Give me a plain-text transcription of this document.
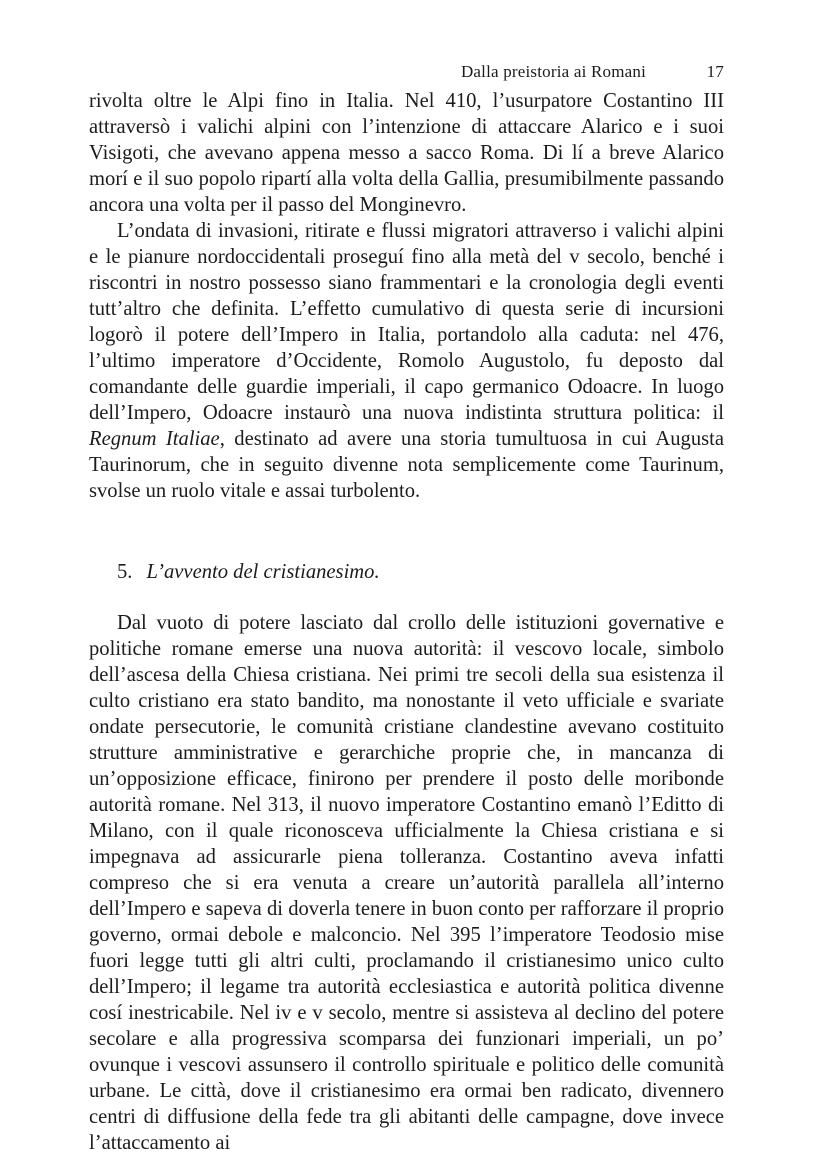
Dalla preistoria ai Romani	17

rivolta oltre le Alpi fino in Italia. Nel 410, l’usurpatore Costantino III attraversò i valichi alpini con l’intenzione di attaccare Alarico e i suoi Visigoti, che avevano appena messo a sacco Roma. Di lí a breve Alarico morí e il suo popolo ripartí alla volta della Gallia, presumibilmente passando ancora una volta per il passo del Monginevro.

L’ondata di invasioni, ritirate e flussi migratori attraverso i valichi alpini e le pianure nordoccidentali proseguí fino alla metà del v secolo, benché i riscontri in nostro possesso siano frammentari e la cronologia degli eventi tutt’altro che definita. L’effetto cumulativo di questa serie di incursioni logorò il potere dell’Impero in Italia, portandolo alla caduta: nel 476, l’ultimo imperatore d’Occidente, Romolo Augustolo, fu deposto dal comandante delle guardie imperiali, il capo germanico Odoacre. In luogo dell’Impero, Odoacre instaurò una nuova indistinta struttura politica: il Regnum Italiae, destinato ad avere una storia tumultuosa in cui Augusta Taurinorum, che in seguito divenne nota semplicemente come Taurinum, svolse un ruolo vitale e assai turbolento.

5. L’avvento del cristianesimo.

Dal vuoto di potere lasciato dal crollo delle istituzioni governative e politiche romane emerse una nuova autorità: il vescovo locale, simbolo dell’ascesa della Chiesa cristiana. Nei primi tre secoli della sua esistenza il culto cristiano era stato bandito, ma nonostante il veto ufficiale e svariate ondate persecutorie, le comunità cristiane clandestine avevano costituito strutture amministrative e gerarchiche proprie che, in mancanza di un’opposizione efficace, finirono per prendere il posto delle moribonde autorità romane. Nel 313, il nuovo imperatore Costantino emanò l’Editto di Milano, con il quale riconosceva ufficialmente la Chiesa cristiana e si impegnava ad assicurarle piena tolleranza. Costantino aveva infatti compreso che si era venuta a creare un’autorità parallela all’interno dell’Impero e sapeva di doverla tenere in buon conto per rafforzare il proprio governo, ormai debole e malconcio. Nel 395 l’imperatore Teodosio mise fuori legge tutti gli altri culti, proclamando il cristianesimo unico culto dell’Impero; il legame tra autorità ecclesiastica e autorità politica divenne cosí inestricabile. Nel iv e v secolo, mentre si assisteva al declino del potere secolare e alla progressiva scomparsa dei funzionari imperiali, un po’ ovunque i vescovi assunsero il controllo spirituale e politico delle comunità urbane. Le città, dove il cristianesimo era ormai ben radicato, divennero centri di diffusione della fede tra gli abitanti delle campagne, dove invece l’attaccamento ai
